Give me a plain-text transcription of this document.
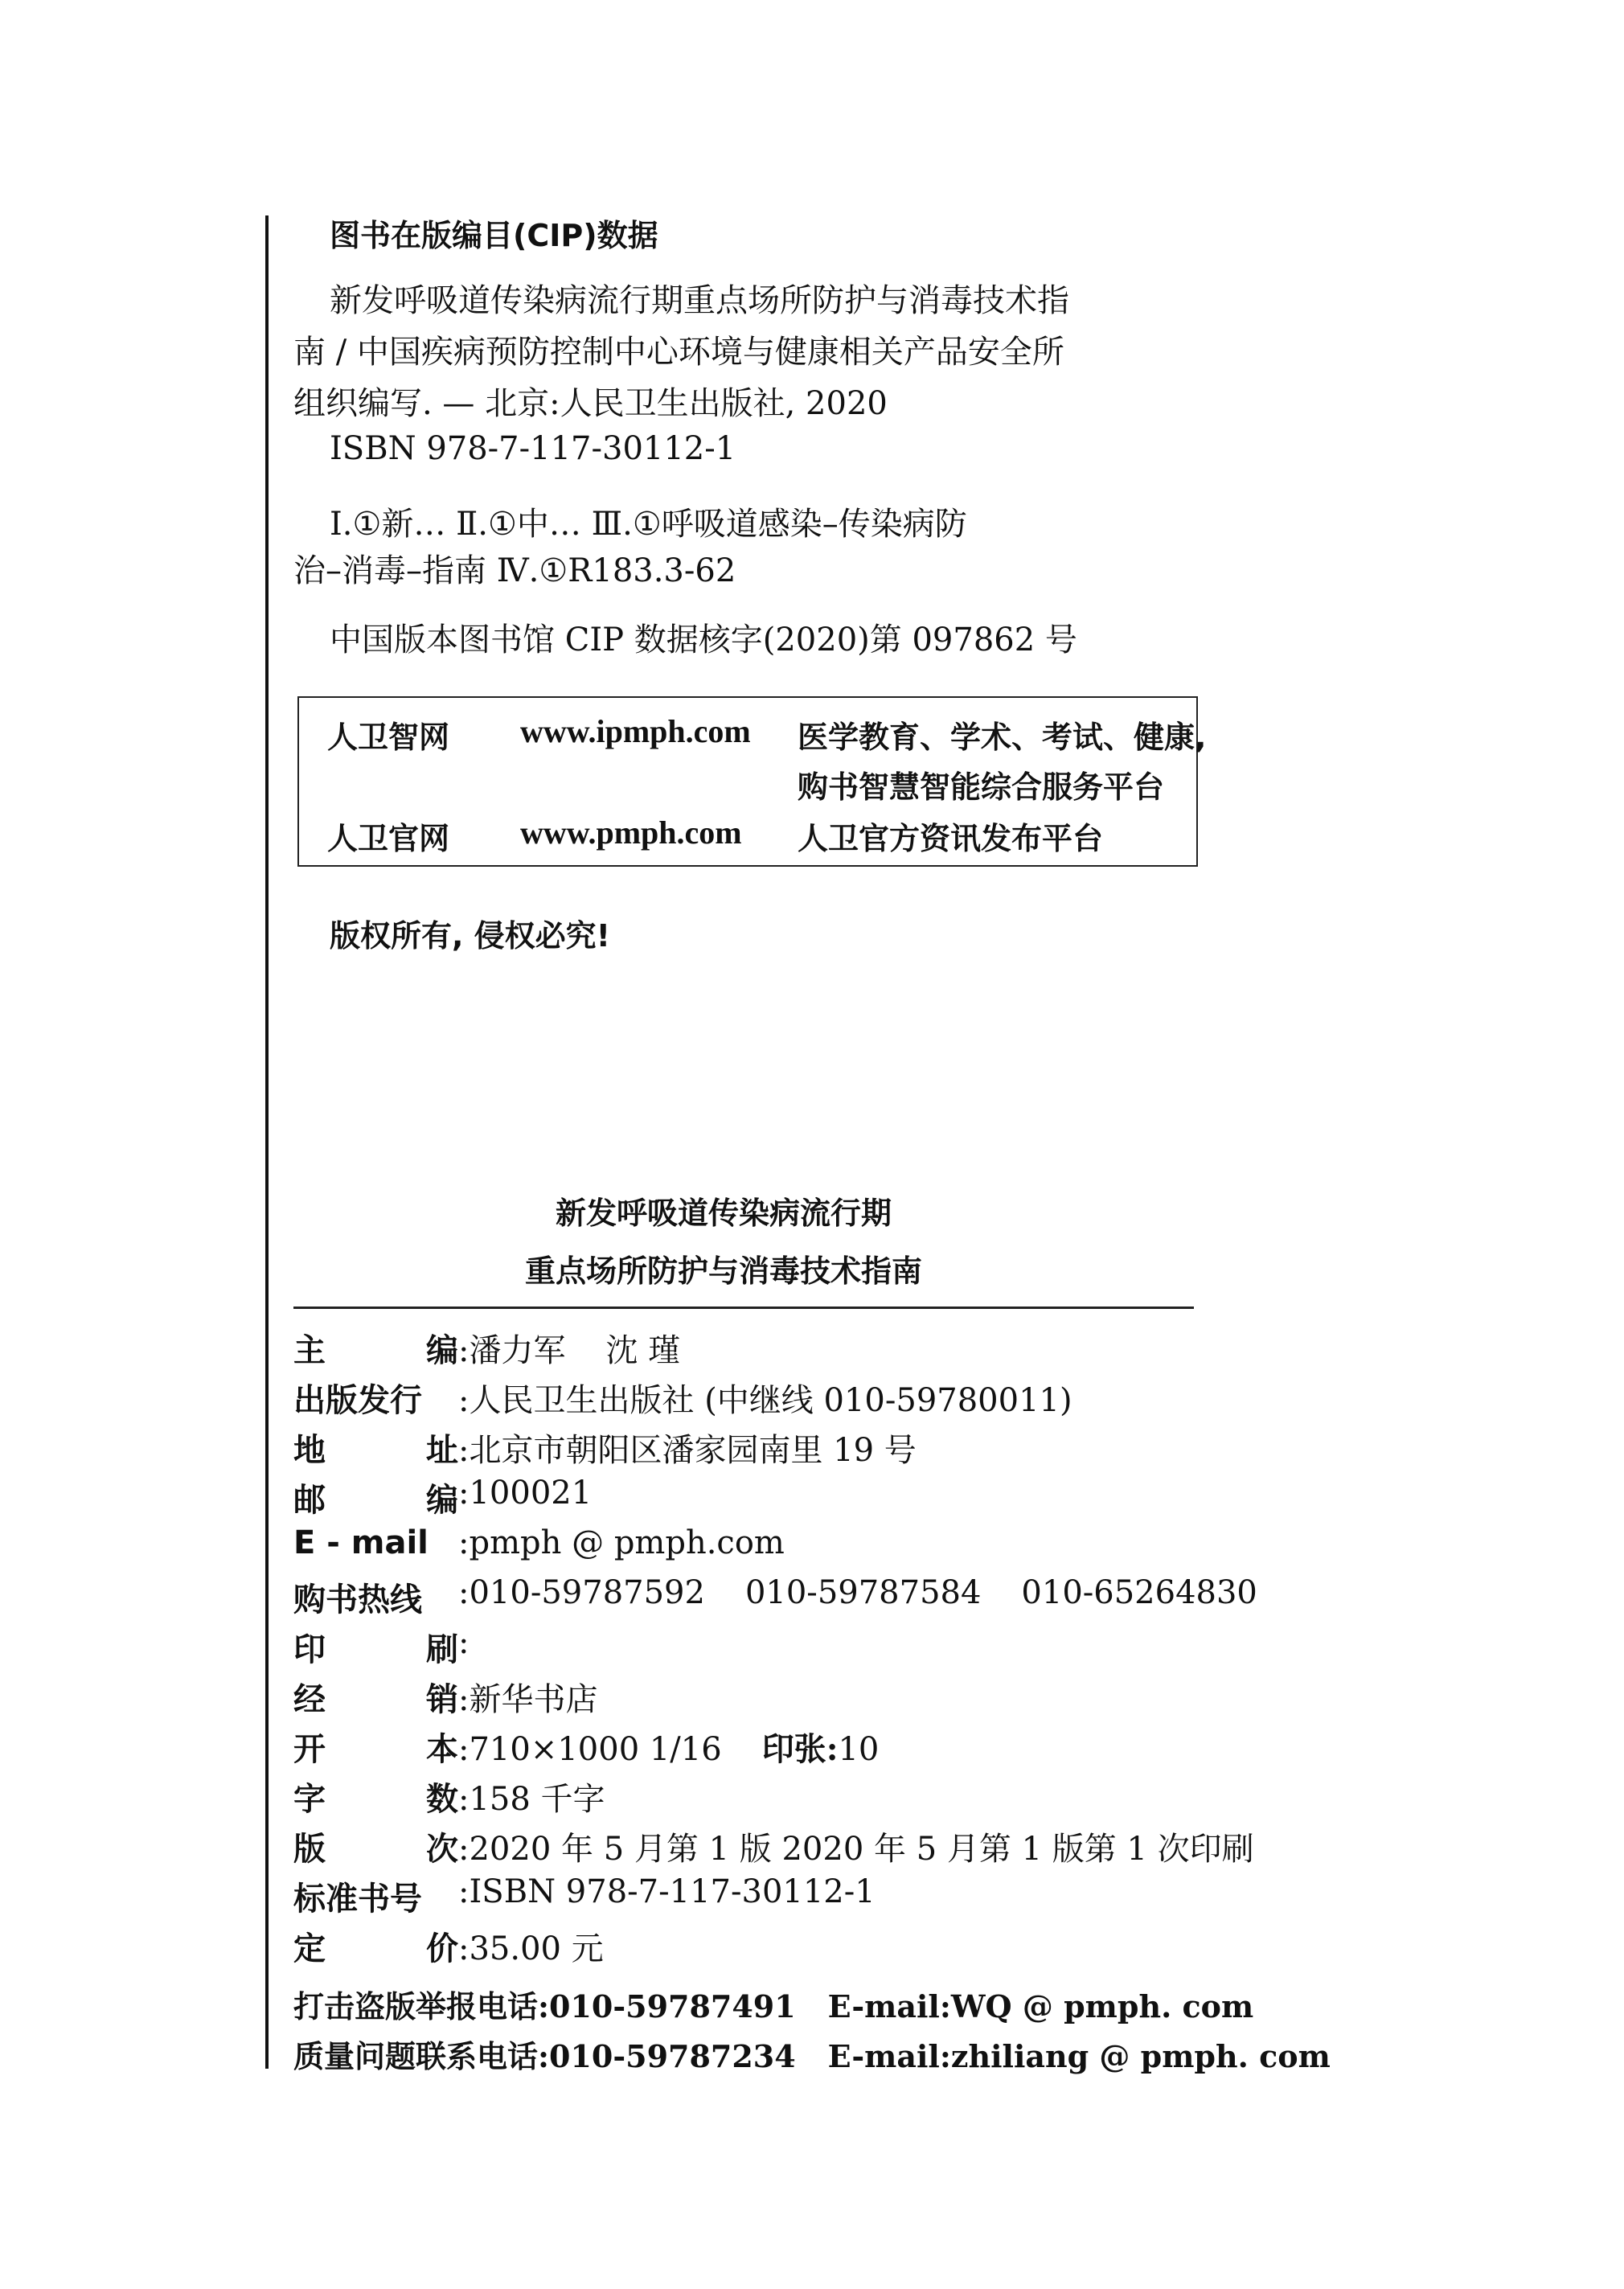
图书在版编目(CIP)数据
新发呼吸道传染病流行期重点场所防护与消毒技术指
南 / 中国疾病预防控制中心环境与健康相关产品安全所
组织编写. — 北京:人民卫生出版社, 2020
ISBN 978-7-117-30112-1
Ⅰ.①新… Ⅱ.①中… Ⅲ.①呼吸道感染–传染病防
治–消毒–指南 Ⅳ.①R183.3-62
中国版本图书馆 CIP 数据核字(2020)第 097862 号
人卫智网 www.ipmph.com 医学教育、学术、考试、健康,
购书智慧智能综合服务平台
人卫官网 www.pmph.com 人卫官方资讯发布平台
版权所有, 侵权必究!
新发呼吸道传染病流行期
重点场所防护与消毒技术指南
主	编 :潘力军 沈 瑾
出版发行	:人民卫生出版社 (中继线 010-59780011)
地	址 :北京市朝阳区潘家园南里 19 号
邮	编 :100021
E - mail :pmph @ pmph.com
购书热线	:010-59787592 010-59787584 010-65264830
印	刷 :
经	销 :新华书店
开	本 :710×1000 1/16 印张:10
字	数 :158 千字
版	次 :2020 年 5 月第 1 版 2020 年 5 月第 1 版第 1 次印刷
标准书号	:ISBN 978-7-117-30112-1
定	价 :35.00 元
打击盗版举报电话:010-59787491 E-mail:WQ @ pmph. com
质量问题联系电话:010-59787234 E-mail:zhiliang @ pmph. com
